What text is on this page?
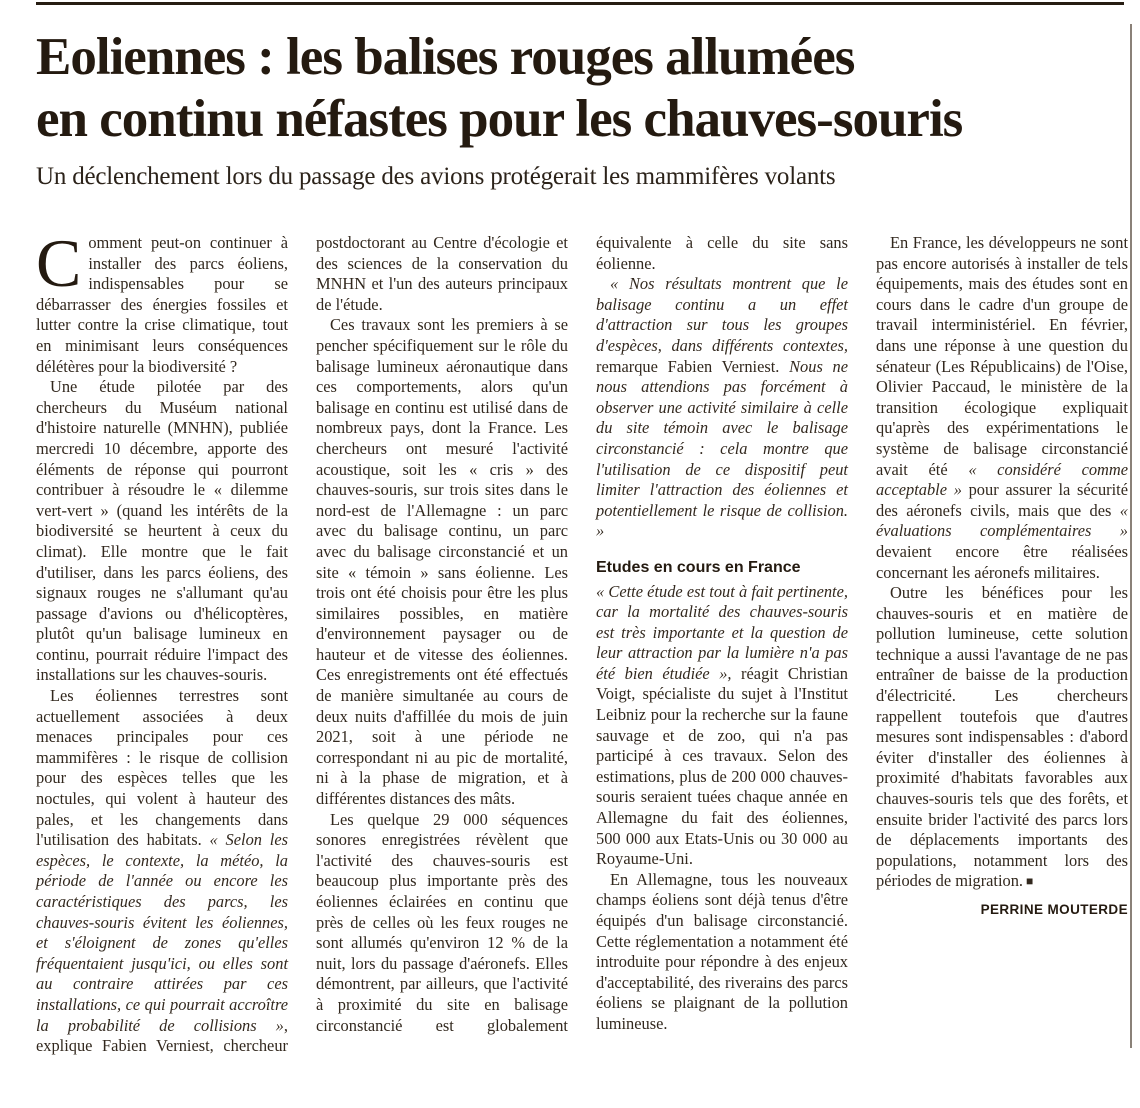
Eoliennes : les balises rouges allumées
en continu néfastes pour les chauves-souris
Un déclenchement lors du passage des avions protégerait les mammifères volants

Comment peut-on continuer à installer des parcs éoliens, indispensables pour se débarrasser des énergies fossiles et lutter contre la crise climatique, tout en minimisant leurs conséquences délétères pour la biodiversité ?

Une étude pilotée par des chercheurs du Muséum national d'histoire naturelle (MNHN), publiée mercredi 10 décembre, apporte des éléments de réponse qui pourront contribuer à résoudre le « dilemme vert-vert » (quand les intérêts de la biodiversité se heurtent à ceux du climat). Elle montre que le fait d'utiliser, dans les parcs éoliens, des signaux rouges ne s'allumant qu'au passage d'avions ou d'hélicoptères, plutôt qu'un balisage lumineux en continu, pourrait réduire l'impact des installations sur les chauves-souris.

Les éoliennes terrestres sont actuellement associées à deux menaces principales pour ces mammifères : le risque de collision pour des espèces telles que les noctules, qui volent à hauteur des pales, et les changements dans l'utilisation des habitats. « Selon les espèces, le contexte, la météo, la période de l'année ou encore les caractéristiques des parcs, les chauves-souris évitent les éoliennes, et s'éloignent de zones qu'elles fréquentaient jusqu'ici, ou elles sont au contraire attirées par ces installations, ce qui pourrait accroître la probabilité de collisions », explique Fabien Verniest, chercheur postdoctorant au Centre d'écologie et des sciences de la conservation du MNHN et l'un des auteurs principaux de l'étude.

Ces travaux sont les premiers à se pencher spécifiquement sur le rôle du balisage lumineux aéronautique dans ces comportements, alors qu'un balisage en continu est utilisé dans de nombreux pays, dont la France. Les chercheurs ont mesuré l'activité acoustique, soit les « cris » des chauves-souris, sur trois sites dans le nord-est de l'Allemagne : un parc avec du balisage continu, un parc avec du balisage circonstancié et un site « témoin » sans éolienne. Les trois ont été choisis pour être les plus similaires possibles, en matière d'environnement paysager ou de hauteur et de vitesse des éoliennes. Ces enregistrements ont été effectués de manière simultanée au cours de deux nuits d'affillée du mois de juin 2021, soit à une période ne correspondant ni au pic de mortalité, ni à la phase de migration, et à différentes distances des mâts.

Les quelque 29 000 séquences sonores enregistrées révèlent que l'activité des chauves-souris est beaucoup plus importante près des éoliennes éclairées en continu que près de celles où les feux rouges ne sont allumés qu'environ 12 % de la nuit, lors du passage d'aéronefs. Elles démontrent, par ailleurs, que l'activité à proximité du site en balisage circonstancié est globalement équivalente à celle du site sans éolienne.

« Nos résultats montrent que le balisage continu a un effet d'attraction sur tous les groupes d'espèces, dans différents contextes, remarque Fabien Verniest. Nous ne nous attendions pas forcément à observer une activité similaire à celle du site témoin avec le balisage circonstancié : cela montre que l'utilisation de ce dispositif peut limiter l'attraction des éoliennes et potentiellement le risque de collision. »

Etudes en cours en France

« Cette étude est tout à fait pertinente, car la mortalité des chauves-souris est très importante et la question de leur attraction par la lumière n'a pas été bien étudiée », réagit Christian Voigt, spécialiste du sujet à l'Institut Leibniz pour la recherche sur la faune sauvage et de zoo, qui n'a pas participé à ces travaux. Selon des estimations, plus de 200 000 chauves-souris seraient tuées chaque année en Allemagne du fait des éoliennes, 500 000 aux Etats-Unis ou 30 000 au Royaume-Uni.

En Allemagne, tous les nouveaux champs éoliens sont déjà tenus d'être équipés d'un balisage circonstancié. Cette réglementation a notamment été introduite pour répondre à des enjeux d'acceptabilité, des riverains des parcs éoliens se plaignant de la pollution lumineuse.

En France, les développeurs ne sont pas encore autorisés à installer de tels équipements, mais des études sont en cours dans le cadre d'un groupe de travail interministériel. En février, dans une réponse à une question du sénateur (Les Républicains) de l'Oise, Olivier Paccaud, le ministère de la transition écologique expliquait qu'après des expérimentations le système de balisage circonstancié avait été « considéré comme acceptable » pour assurer la sécurité des aéronefs civils, mais que des « évaluations complémentaires » devaient encore être réalisées concernant les aéronefs militaires.

Outre les bénéfices pour les chauves-souris et en matière de pollution lumineuse, cette solution technique a aussi l'avantage de ne pas entraîner de baisse de la production d'électricité. Les chercheurs rappellent toutefois que d'autres mesures sont indispensables : d'abord éviter d'installer des éoliennes à proximité d'habitats favorables aux chauves-souris tels que des forêts, et ensuite brider l'activité des parcs lors de déplacements importants des populations, notamment lors des périodes de migration. ■

PERRINE MOUTERDE
